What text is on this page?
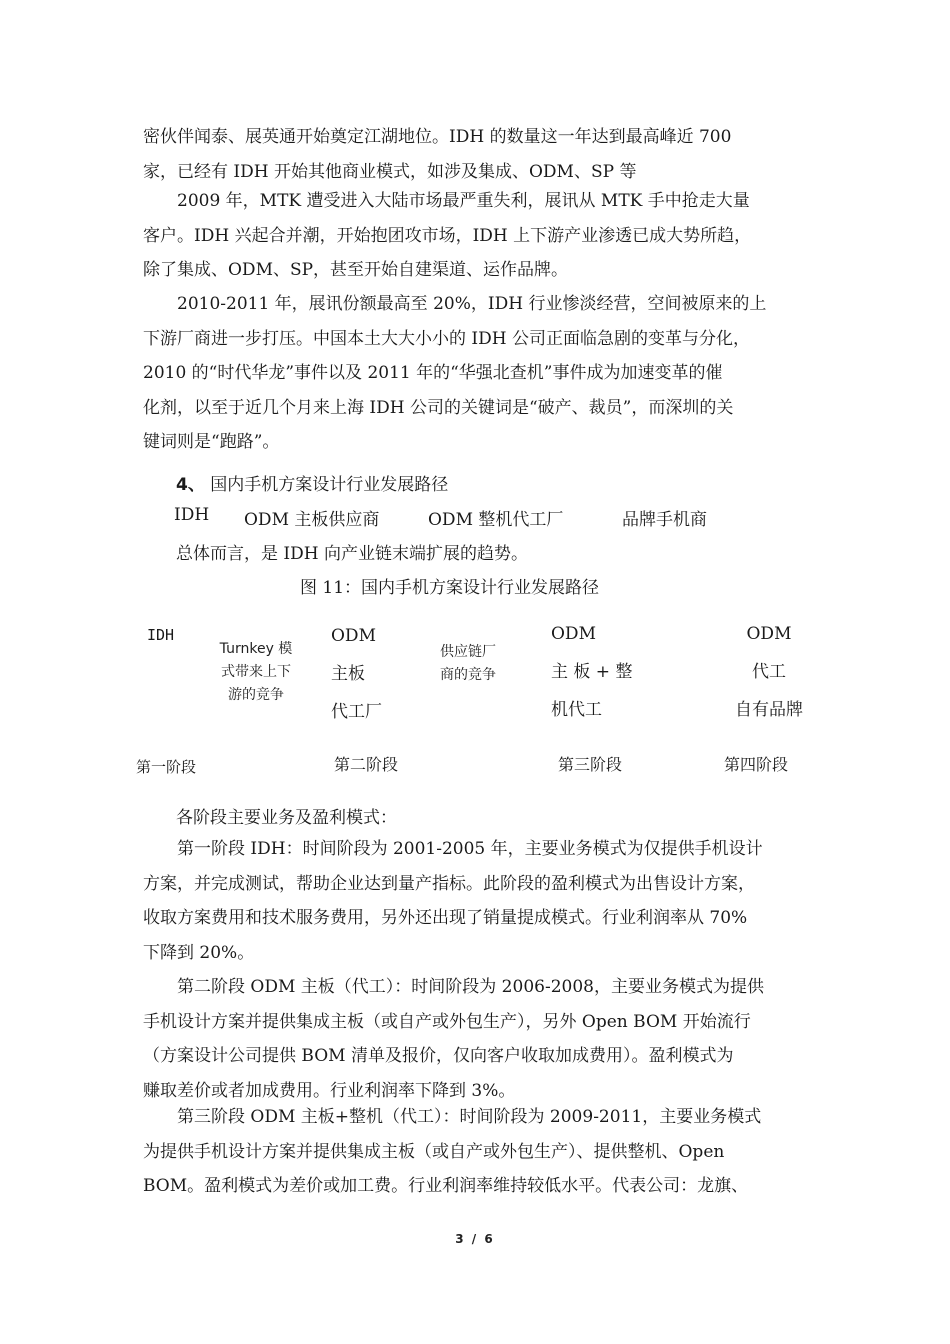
密伙伴闻泰、展英通开始奠定江湖地位。IDH 的数量这一年达到最高峰近 700
家，已经有 IDH 开始其他商业模式，如涉及集成、ODM、SP 等
2009 年，MTK 遭受进入大陆市场最严重失利，展讯从 MTK 手中抢走大量
客户。IDH 兴起合并潮，开始抱团攻市场，IDH 上下游产业渗透已成大势所趋，
除了集成、ODM、SP，甚至开始自建渠道、运作品牌。
2010-2011 年，展讯份额最高至 20%，IDH 行业惨淡经营，空间被原来的上
下游厂商进一步打压。中国本土大大小小的 IDH 公司正面临急剧的变革与分化，
2010 的“时代华龙”事件以及 2011 年的“华强北查机”事件成为加速变革的催
化剂，以至于近几个月来上海 IDH 公司的关键词是“破产、裁员”，而深圳的关
键词则是“跑路”。
4、 国内手机方案设计行业发展路径
IDH ODM 主板供应商	ODM 整机代工厂	品牌手机商
总体而言，是 IDH 向产业链末端扩展的趋势。
图 11：国内手机方案设计行业发展路径
IDH
Turnkey 模
式带来上下
游的竞争
ODM
主板
代工厂
供应链厂
商的竞争
ODM
主 板 + 整
机代工
ODM
代工
自有品牌
第一阶段	第二阶段	第三阶段	第四阶段
各阶段主要业务及盈利模式：
第一阶段 IDH：时间阶段为 2001-2005 年，主要业务模式为仅提供手机设计
方案，并完成测试，帮助企业达到量产指标。此阶段的盈利模式为出售设计方案，
收取方案费用和技术服务费用，另外还出现了销量提成模式。行业利润率从 70%
下降到 20%。
第二阶段 ODM 主板（代工）：时间阶段为 2006-2008，主要业务模式为提供
手机设计方案并提供集成主板（或自产或外包生产），另外 Open BOM 开始流行
（方案设计公司提供 BOM 清单及报价，仅向客户收取加成费用）。盈利模式为
赚取差价或者加成费用。行业利润率下降到 3%。
第三阶段 ODM 主板+整机（代工）：时间阶段为 2009-2011，主要业务模式
为提供手机设计方案并提供集成主板（或自产或外包生产）、提供整机、Open
BOM。盈利模式为差价或加工费。行业利润率维持较低水平。代表公司：龙旗、
3 / 6
